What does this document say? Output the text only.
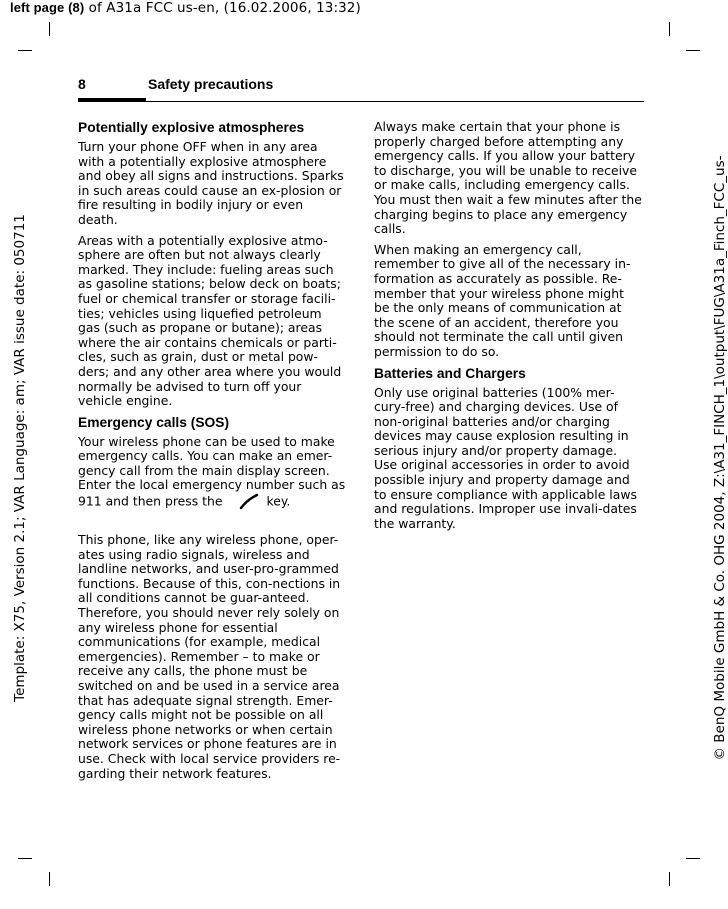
left page (8) of A31a FCC us-en, (16.02.2006, 13:32)
Template: X75, Version 2.1; VAR Language: am; VAR issue date: 050711	© BenQ Mobile GmbH & Co. OHG 2004, Z:\A31_FINCH_1\output\FUG\A31a_Finch_FCC_us-
8	Safety precautions
Potentially explosive atmospheres

Turn your phone OFF when in any area with a potentially explosive atmosphere and obey all signs and instructions. Sparks in such areas could cause an ex-plosion or fire resulting in bodily injury or even death.

Areas with a potentially explosive atmo-sphere are often but not always clearly marked. They include: fueling areas such as gasoline stations; below deck on boats; fuel or chemical transfer or storage facili-ties; vehicles using liquefied petroleum gas (such as propane or butane); areas where the air contains chemicals or parti-cles, such as grain, dust or metal pow-ders; and any other area where you would normally be advised to turn off your vehicle engine.

Emergency calls (SOS)

Your wireless phone can be used to make emergency calls. You can make an emer-gency call from the main display screen. Enter the local emergency number such as 911 and then press the	key.

This phone, like any wireless phone, oper-ates using radio signals, wireless and landline networks, and user-pro-grammed functions. Because of this, con-nections in all conditions cannot be guar-anteed. Therefore, you should never rely solely on any wireless phone for essential communications (for example, medical emergencies). Remember – to make or receive any calls, the phone must be switched on and be used in a service area that has adequate signal strength. Emer-gency calls might not be possible on all wireless phone networks or when certain network services or phone features are in use. Check with local service providers re-garding their network features.

Always make certain that your phone is properly charged before attempting any emergency calls. If you allow your battery to discharge, you will be unable to receive or make calls, including emergency calls. You must then wait a few minutes after the charging begins to place any emergency calls.

When making an emergency call, remember to give all of the necessary in-formation as accurately as possible. Re-member that your wireless phone might be the only means of communication at the scene of an accident, therefore you should not terminate the call until given permission to do so.

Batteries and Chargers

Only use original batteries (100% mer-cury-free) and charging devices. Use of non-original batteries and/or charging devices may cause explosion resulting in serious injury and/or property damage. Use original accessories in order to avoid possible injury and property damage and to ensure compliance with applicable laws and regulations. Improper use invali-dates the warranty.
